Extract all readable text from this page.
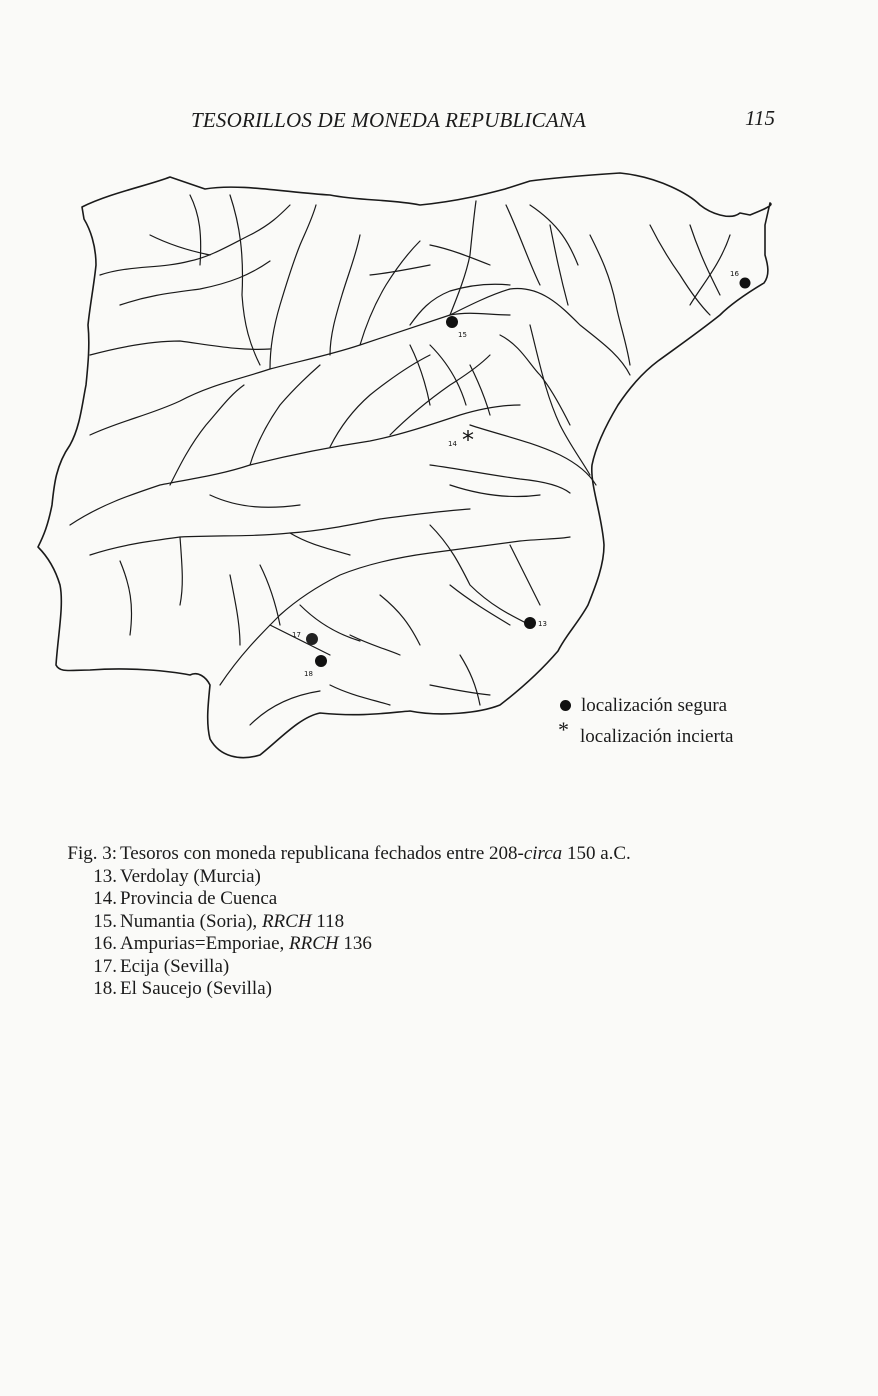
TESORILLOS DE MONEDA REPUBLICANA	115
16
15
*
14
13
17
18
localización segura
* localización incierta
Fig. 3: Tesoros con moneda republicana fechados entre 208-circa 150 a.C.
13. Verdolay (Murcia)
14. Provincia de Cuenca
15. Numantia (Soria), RRCH 118
16. Ampurias=Emporiae, RRCH 136
17. Ecija (Sevilla)
18. El Saucejo (Sevilla)
